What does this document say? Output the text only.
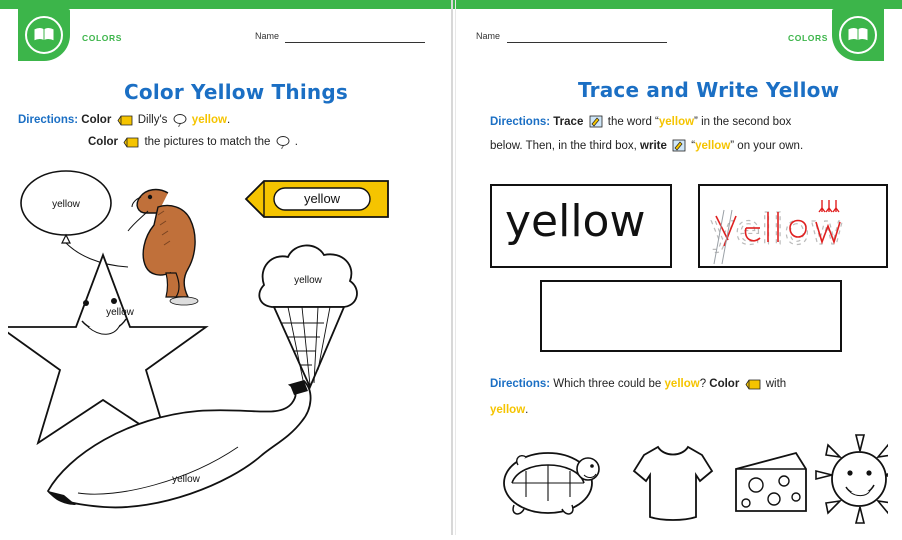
COLORS	COLORS
Name	Name
Color Yellow Things
Directions: Color Dilly's yellow.
Color the pictures to match the .
yellow	yellow
yellow
yellow
yellow
Trace and Write Yellow
Directions: Trace the word “yellow” in the second box
below. Then, in the third box, write “yellow” on your own.
yellow yellow
Directions: Which three could be yellow? Color with
yellow.
